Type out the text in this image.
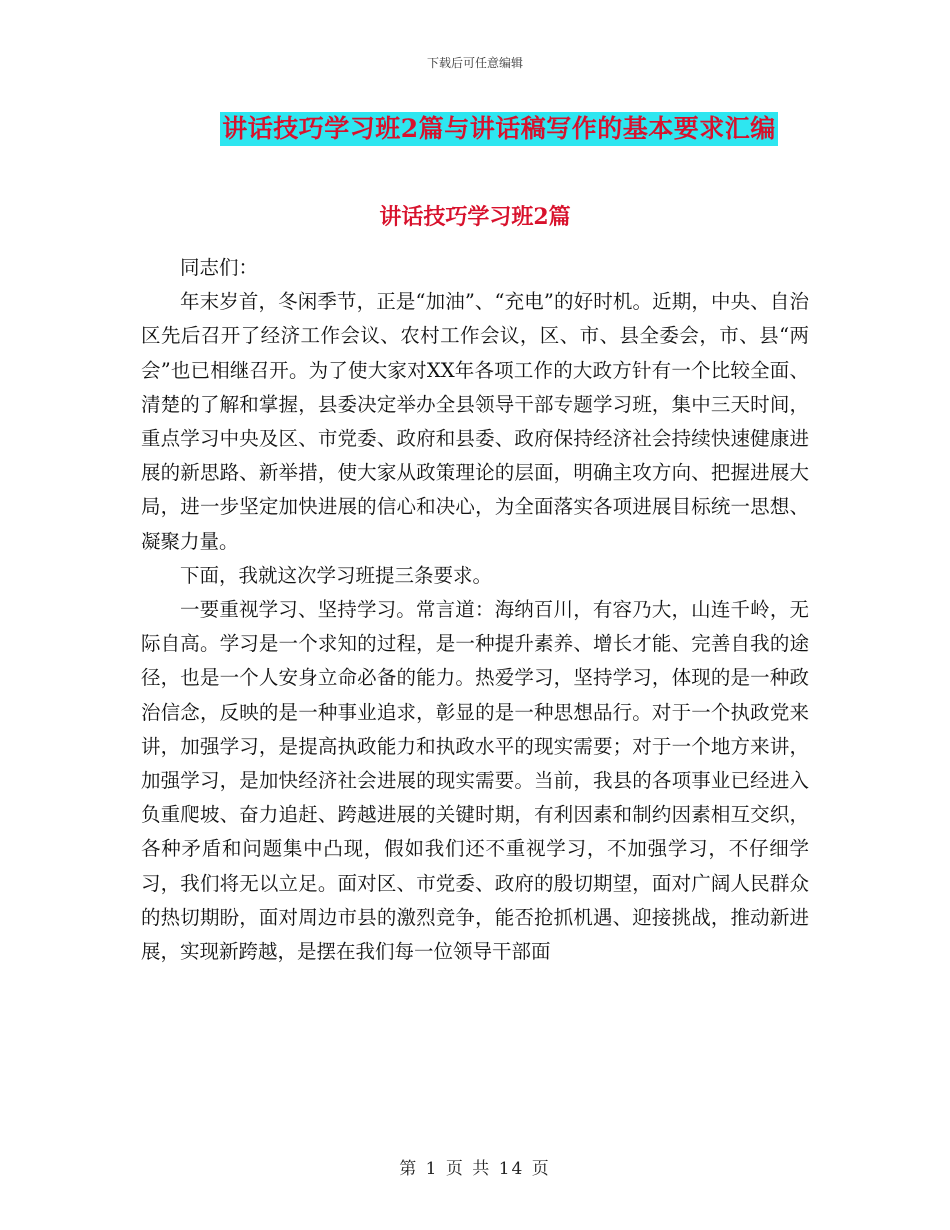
下载后可任意编辑
讲话技巧学习班2篇与讲话稿写作的基本要求汇编
讲话技巧学习班2篇

同志们：

年末岁首，冬闲季节，正是“加油”、“充电”的好时机。近期，中央、自治区先后召开了经济工作会议、农村工作会议，区、市、县全委会，市、县“两会”也已相继召开。为了使大家对XX年各项工作的大政方针有一个比较全面、清楚的了解和掌握，县委决定举办全县领导干部专题学习班，集中三天时间，重点学习中央及区、市党委、政府和县委、政府保持经济社会持续快速健康进展的新思路、新举措，使大家从政策理论的层面，明确主攻方向、把握进展大局，进一步坚定加快进展的信心和决心，为全面落实各项进展目标统一思想、凝聚力量。

下面，我就这次学习班提三条要求。

一要重视学习、坚持学习。常言道：海纳百川，有容乃大，山连千岭，无际自高。学习是一个求知的过程，是一种提升素养、增长才能、完善自我的途径，也是一个人安身立命必备的能力。热爱学习，坚持学习，体现的是一种政治信念，反映的是一种事业追求，彰显的是一种思想品行。对于一个执政党来讲，加强学习，是提高执政能力和执政水平的现实需要；对于一个地方来讲，加强学习，是加快经济社会进展的现实需要。当前，我县的各项事业已经进入负重爬坡、奋力追赶、跨越进展的关键时期，有利因素和制约因素相互交织，各种矛盾和问题集中凸现，假如我们还不重视学习，不加强学习，不仔细学习，我们将无以立足。面对区、市党委、政府的殷切期望，面对广阔人民群众的热切期盼，面对周边市县的激烈竞争，能否抢抓机遇、迎接挑战，推动新进展，实现新跨越，是摆在我们每一位领导干部面

第 1 页 共 14 页
